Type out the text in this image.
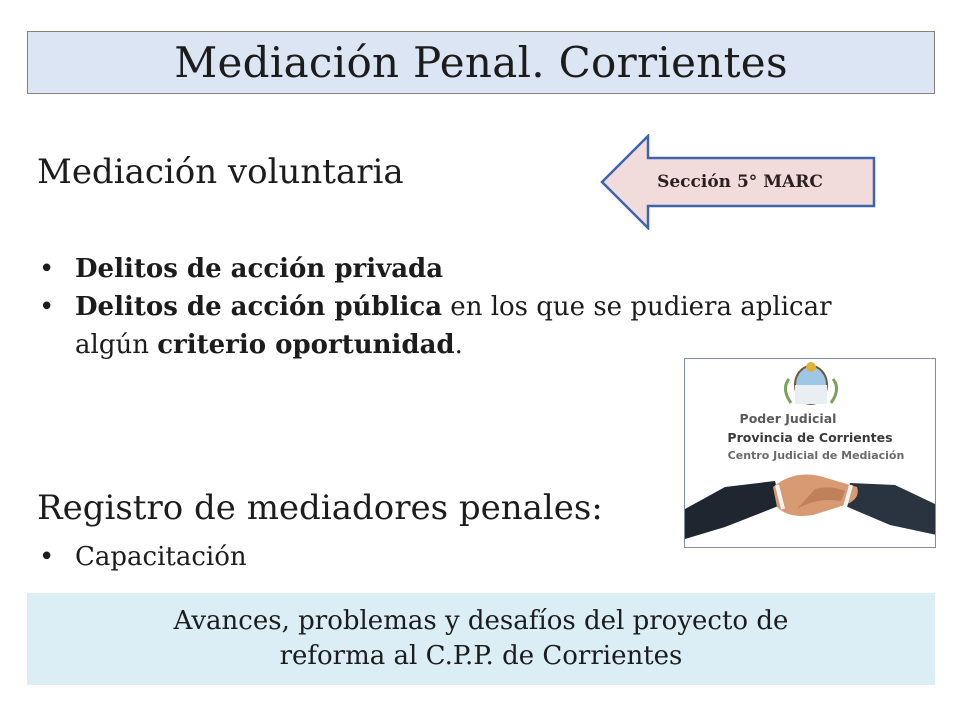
Mediación Penal. Corrientes
Mediación voluntaria	Sección 5° MARC
• Delitos de acción privada
• Delitos de acción pública en los que se pudiera aplicar algún criterio oportunidad.
Poder Judicial
Provincia de Corrientes
Centro Judicial de Mediación
Registro de mediadores penales:
• Capacitación

Avances, problemas y desafíos del proyecto de
reforma al C.P.P. de Corrientes
